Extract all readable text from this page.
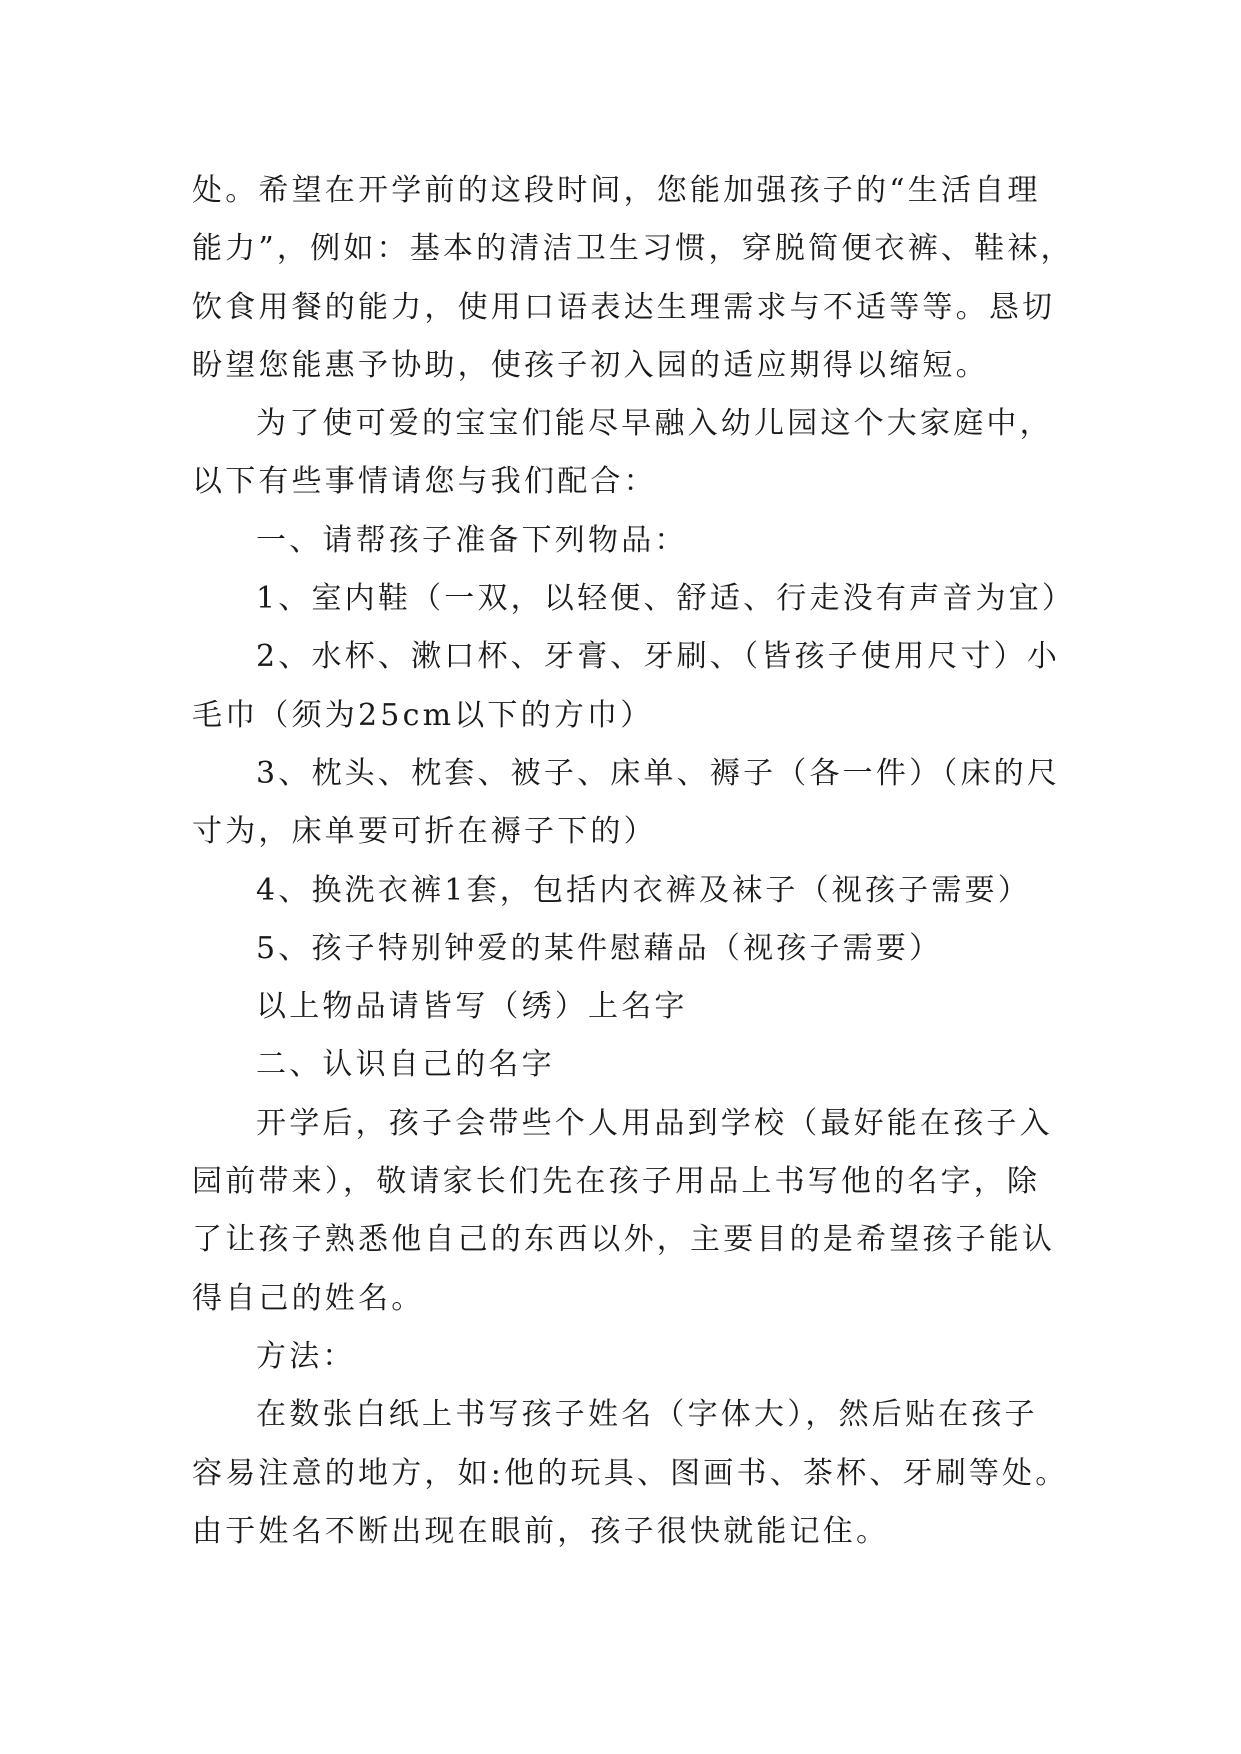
处。希望在开学前的这段时间，您能加强孩子的“生活自理
能力”，例如：基本的清洁卫生习惯，穿脱简便衣裤、鞋袜，
饮食用餐的能力，使用口语表达生理需求与不适等等。恳切
盼望您能惠予协助，使孩子初入园的适应期得以缩短。
为了使可爱的宝宝们能尽早融入幼儿园这个大家庭中，
以下有些事情请您与我们配合：
一、请帮孩子准备下列物品：
1、室内鞋（一双，以轻便、舒适、行走没有声音为宜）
2、水杯、漱口杯、牙膏、牙刷、（皆孩子使用尺寸）小
毛巾（须为25cm以下的方巾）
3、枕头、枕套、被子、床单、褥子（各一件）（床的尺
寸为，床单要可折在褥子下的）
4、换洗衣裤1套，包括内衣裤及袜子（视孩子需要）
5、孩子特别钟爱的某件慰藉品（视孩子需要）
以上物品请皆写（绣）上名字
二、认识自己的名字
开学后，孩子会带些个人用品到学校（最好能在孩子入
园前带来），敬请家长们先在孩子用品上书写他的名字，除
了让孩子熟悉他自己的东西以外，主要目的是希望孩子能认
得自己的姓名。
方法：
在数张白纸上书写孩子姓名（字体大），然后贴在孩子
容易注意的地方，如:他的玩具、图画书、茶杯、牙刷等处。
由于姓名不断出现在眼前，孩子很快就能记住。
